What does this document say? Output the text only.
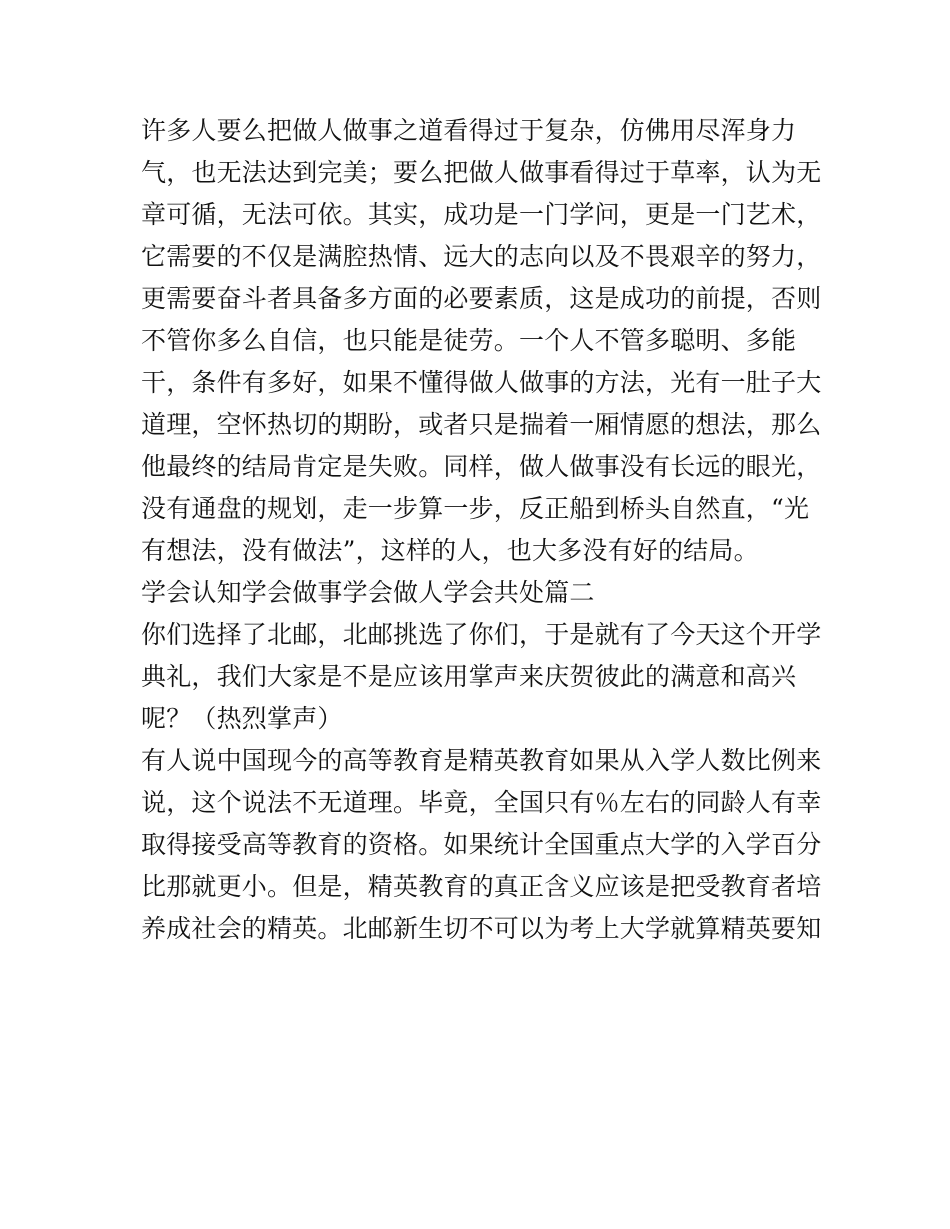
许多人要么把做人做事之道看得过于复杂，仿佛用尽浑身力
气，也无法达到完美；要么把做人做事看得过于草率，认为无
章可循，无法可依。其实，成功是一门学问，更是一门艺术，
它需要的不仅是满腔热情、远大的志向以及不畏艰辛的努力，
更需要奋斗者具备多方面的必要素质，这是成功的前提，否则
不管你多么自信，也只能是徒劳。一个人不管多聪明、多能
干，条件有多好，如果不懂得做人做事的方法，光有一肚子大
道理，空怀热切的期盼，或者只是揣着一厢情愿的想法，那么
他最终的结局肯定是失败。同样，做人做事没有长远的眼光，
没有通盘的规划，走一步算一步，反正船到桥头自然直，“光
有想法，没有做法”，这样的人，也大多没有好的结局。
学会认知学会做事学会做人学会共处篇二
你们选择了北邮，北邮挑选了你们，于是就有了今天这个开学
典礼，我们大家是不是应该用掌声来庆贺彼此的满意和高兴
呢？（热烈掌声）
有人说中国现今的高等教育是精英教育如果从入学人数比例来
说，这个说法不无道理。毕竟，全国只有％左右的同龄人有幸
取得接受高等教育的资格。如果统计全国重点大学的入学百分
比那就更小。但是，精英教育的真正含义应该是把受教育者培
养成社会的精英。北邮新生切不可以为考上大学就算精英要知
